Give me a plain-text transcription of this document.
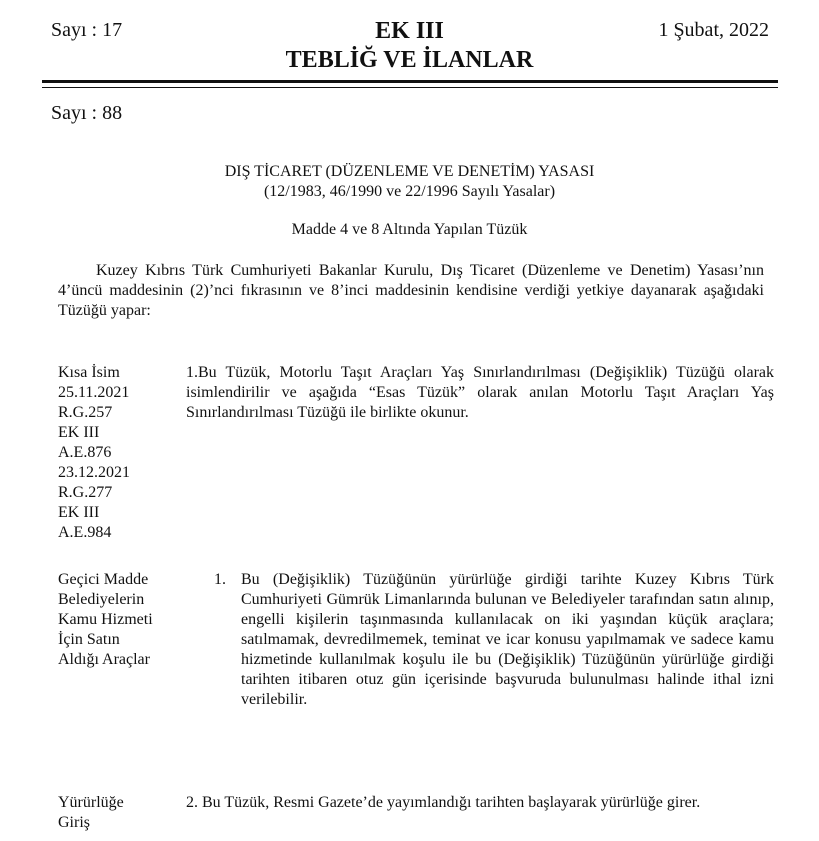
Sayı : 17	EK III
TEBLİĞ VE İLANLAR
1 Şubat, 2022
Sayı : 88
DIŞ TİCARET (DÜZENLEME VE DENETİM) YASASI
(12/1983, 46/1990 ve 22/1996 Sayılı Yasalar)
Madde 4 ve 8 Altında Yapılan Tüzük
Kuzey Kıbrıs Türk Cumhuriyeti Bakanlar Kurulu, Dış Ticaret (Düzenleme ve Denetim) Yasası’nın 4’üncü maddesinin (2)’nci fıkrasının ve 8’inci maddesinin kendisine verdiği yetkiye dayanarak aşağıdaki Tüzüğü yapar:
Kısa İsim
25.11.2021
R.G.257
EK III
A.E.876
23.12.2021
R.G.277
EK III
A.E.984
1.Bu Tüzük, Motorlu Taşıt Araçları Yaş Sınırlandırılması (Değişiklik) Tüzüğü olarak isimlendirilir ve aşağıda “Esas Tüzük” olarak anılan Motorlu Taşıt Araçları Yaş Sınırlandırılması Tüzüğü ile birlikte okunur.
Geçici Madde
Belediyelerin
Kamu Hizmeti
İçin Satın
Aldığı Araçlar
1. Bu (Değişiklik) Tüzüğünün yürürlüğe girdiği tarihte Kuzey Kıbrıs Türk Cumhuriyeti Gümrük Limanlarında bulunan ve Belediyeler tarafından satın alınıp, engelli kişilerin taşınmasında kullanılacak on iki yaşından küçük araçlara; satılmamak, devredilmemek, teminat ve icar konusu yapılmamak ve sadece kamu hizmetinde kullanılmak koşulu ile bu (Değişiklik) Tüzüğünün yürürlüğe girdiği tarihten itibaren otuz gün içerisinde başvuruda bulunulması halinde ithal izni verilebilir.
Yürürlüğe
Giriş
2. Bu Tüzük, Resmi Gazete’de yayımlandığı tarihten başlayarak yürürlüğe girer.
